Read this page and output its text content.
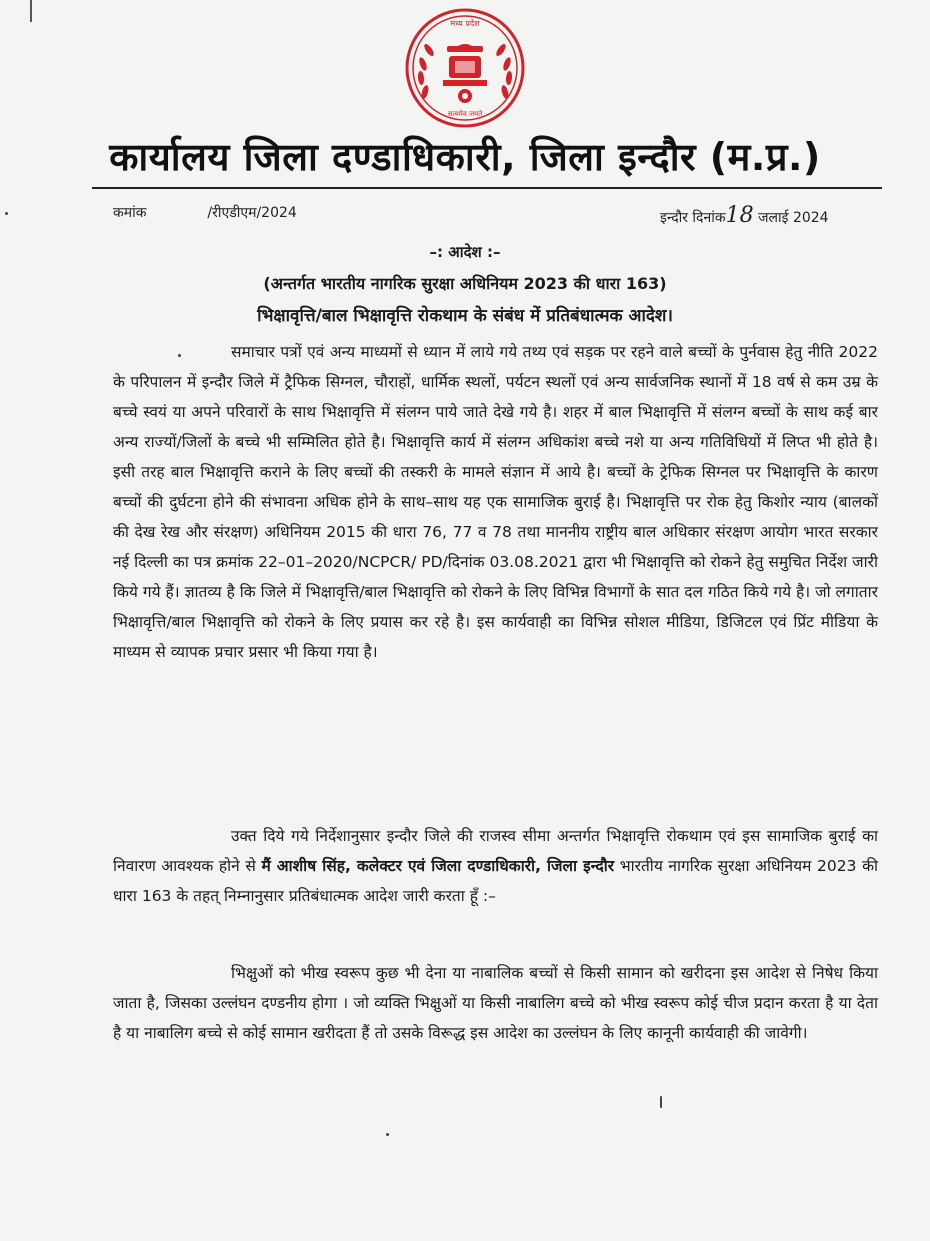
मध्य प्रदेश
सत्यमेव जयते
कार्यालय जिला दण्डाधिकारी, जिला इन्दौर (म.प्र.)
कमांक	/रीएडीएम/2024	इन्दौर दिनांक18 जलाई 2024
–: आदेश :–
(अन्तर्गत भारतीय नागरिक सुरक्षा अधिनियम 2023 की धारा 163)
भिक्षावृत्ति/बाल भिक्षावृत्ति रोकथाम के संबंध में प्रतिबंधात्मक आदेश।
समाचार पत्रों एवं अन्य माध्यमों से ध्यान में लाये गये तथ्य एवं सड़क पर रहने वाले बच्चों के पुर्नवास हेतु नीति 2022 के परिपालन में इन्दौर जिले में ट्रैफिक सिग्नल, चौराहों, धार्मिक स्थलों, पर्यटन स्थलों एवं अन्य सार्वजनिक स्थानों में 18 वर्ष से कम उम्र के बच्चे स्वयं या अपने परिवारों के साथ भिक्षावृत्ति में संलग्न पाये जाते देखे गये है। शहर में बाल भिक्षावृत्ति में संलग्न बच्चों के साथ कई बार अन्य राज्यों/जिलों के बच्चे भी सम्मिलित होते है। भिक्षावृत्ति कार्य में संलग्न अधिकांश बच्चे नशे या अन्य गतिविधियों में लिप्त भी होते है। इसी तरह बाल भिक्षावृत्ति कराने के लिए बच्चों की तस्करी के मामले संज्ञान में आये है। बच्चों के ट्रेफिक सिग्नल पर भिक्षावृत्ति के कारण बच्चों की दुर्घटना होने की संभावना अधिक होने के साथ–साथ यह एक सामाजिक बुराई है। भिक्षावृत्ति पर रोक हेतु किशोर न्याय (बालकों की देख रेख और संरक्षण) अधिनियम 2015 की धारा 76, 77 व 78 तथा माननीय राष्ट्रीय बाल अधिकार संरक्षण आयोग भारत सरकार नई दिल्ली का पत्र क्रमांक 22–01–2020/NCPCR/ PD/दिनांक 03.08.2021 द्वारा भी भिक्षावृत्ति को रोकने हेतु समुचित निर्देश जारी किये गये हैं। ज्ञातव्य है कि जिले में भिक्षावृत्ति/बाल भिक्षावृत्ति को रोकने के लिए विभिन्न विभागों के सात दल गठित किये गये है। जो लगातार भिक्षावृत्ति/बाल भिक्षावृत्ति को रोकने के लिए प्रयास कर रहे है। इस कार्यवाही का विभिन्न सोशल मीडिया, डिजिटल एवं प्रिंट मीडिया के माध्यम से व्यापक प्रचार प्रसार भी किया गया है।
उक्त दिये गये निर्देशानुसार इन्दौर जिले की राजस्व सीमा अन्तर्गत भिक्षावृत्ति रोकथाम एवं इस सामाजिक बुराई का निवारण आवश्यक होने से मैं आशीष सिंह, कलेक्टर एवं जिला दण्डाधिकारी, जिला इन्दौर भारतीय नागरिक सुरक्षा अधिनियम 2023 की धारा 163 के तहत् निम्नानुसार प्रतिबंधात्मक आदेश जारी करता हूँ :–
भिक्षुओं को भीख स्वरूप कुछ भी देना या नाबालिक बच्चों से किसी सामान को खरीदना इस आदेश से निषेध किया जाता है, जिसका उल्लंघन दण्डनीय होगा । जो व्यक्ति भिक्षुओं या किसी नाबालिग बच्चे को भीख स्वरूप कोई चीज प्रदान करता है या देता है या नाबालिग बच्चे से कोई सामान खरीदता हैं तो उसके विरूद्ध इस आदेश का उल्लंघन के लिए कानूनी कार्यवाही की जावेगी।
